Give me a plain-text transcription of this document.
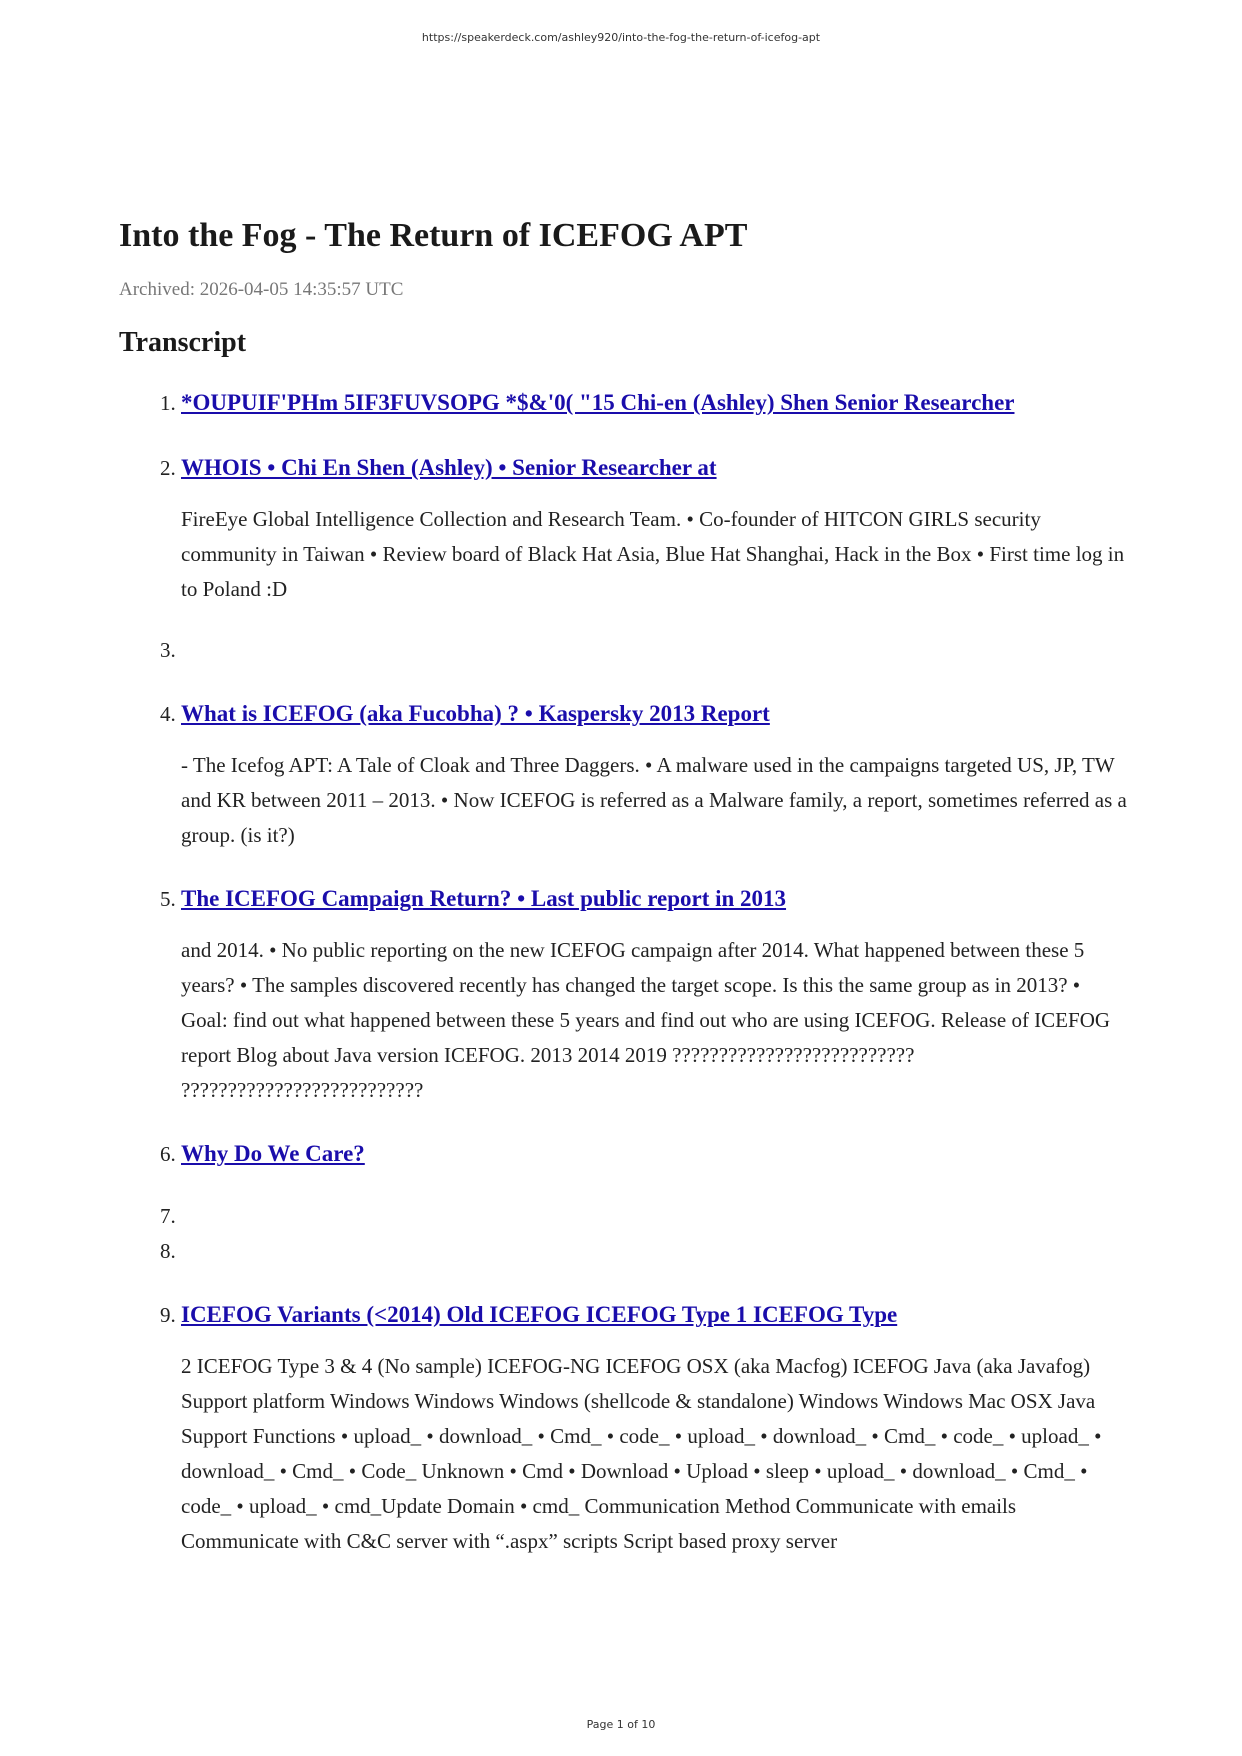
https://speakerdeck.com/ashley920/into-the-fog-the-return-of-icefog-apt
Into the Fog - The Return of ICEFOG APT
Archived: 2026-04-05 14:35:57 UTC
Transcript
1. *OUPUIF'PHm 5IF3FUVSOPG *$&'0( "15 Chi-en (Ashley) Shen Senior Researcher
2. WHOIS • Chi En Shen (Ashley) • Senior Researcher at

FireEye Global Intelligence Collection and Research Team. • Co-founder of HITCON GIRLS security community in Taiwan • Review board of Black Hat Asia, Blue Hat Shanghai, Hack in the Box • First time log in to Poland :D

3.
4. What is ICEFOG (aka Fucobha) ? • Kaspersky 2013 Report

- The Icefog APT: A Tale of Cloak and Three Daggers. • A malware used in the campaigns targeted US, JP, TW and KR between 2011 – 2013. • Now ICEFOG is referred as a Malware family, a report, sometimes referred as a group. (is it?)

5. The ICEFOG Campaign Return? • Last public report in 2013

and 2014. • No public reporting on the new ICEFOG campaign after 2014. What happened between these 5 years? • The samples discovered recently has changed the target scope. Is this the same group as in 2013? • Goal: find out what happened between these 5 years and find out who are using ICEFOG. Release of ICEFOG report Blog about Java version ICEFOG. 2013 2014 2019 ?????????????????????????? ??????????????????????????

6. Why Do We Care?
7.
8.
9. ICEFOG Variants (<2014) Old ICEFOG ICEFOG Type 1 ICEFOG Type

2 ICEFOG Type 3 & 4 (No sample) ICEFOG-NG ICEFOG OSX (aka Macfog) ICEFOG Java (aka Javafog) Support platform Windows Windows Windows (shellcode & standalone) Windows Windows Mac OSX Java Support Functions • upload_ • download_ • Cmd_ • code_ • upload_ • download_ • Cmd_ • code_ • upload_ • download_ • Cmd_ • Code_ Unknown • Cmd • Download • Upload • sleep • upload_ • download_ • Cmd_ • code_ • upload_ • cmd_Update Domain • cmd_ Communication Method Communicate with emails Communicate with C&C server with “.aspx” scripts Script based proxy server

Page 1 of 10
